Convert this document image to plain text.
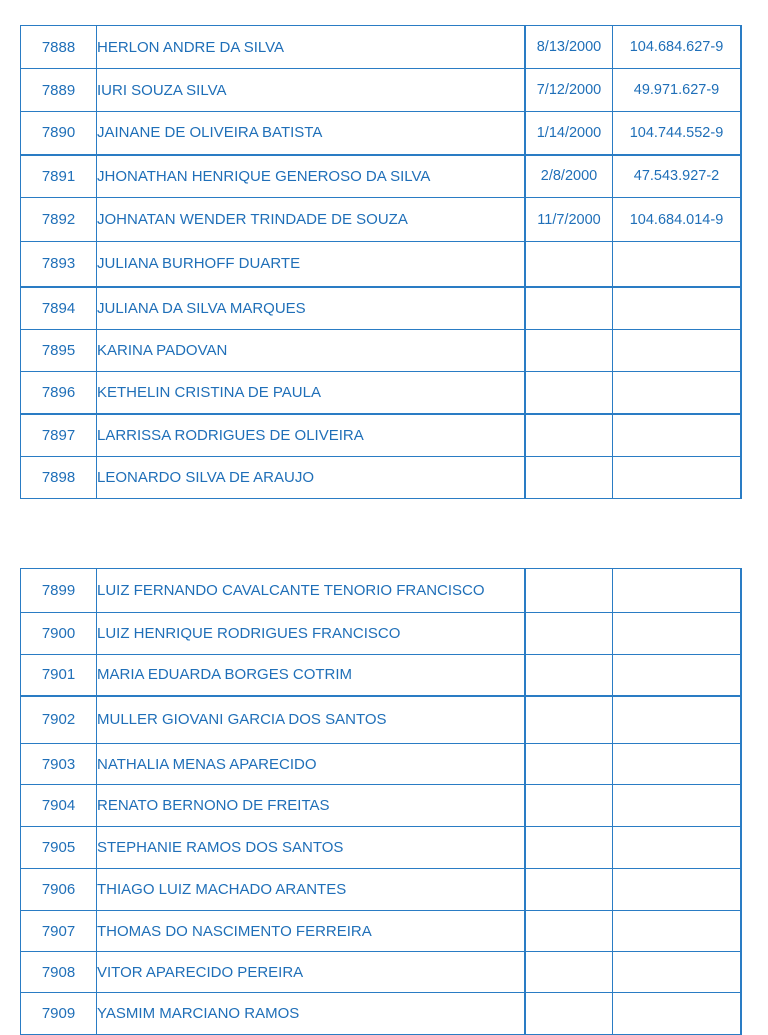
7888	HERLON ANDRE DA SILVA	8/13/2000	104.684.627-9
7889	IURI SOUZA SILVA	7/12/2000	49.971.627-9
7890	JAINANE DE OLIVEIRA BATISTA	1/14/2000	104.744.552-9
7891	JHONATHAN HENRIQUE GENEROSO DA SILVA	2/8/2000	47.543.927-2
7892	JOHNATAN WENDER TRINDADE DE SOUZA	11/7/2000	104.684.014-9
7893	JULIANA BURHOFF DUARTE		
7894	JULIANA DA SILVA MARQUES		
7895	KARINA PADOVAN		
7896	KETHELIN CRISTINA DE PAULA		
7897	LARRISSA RODRIGUES DE OLIVEIRA		
7898	LEONARDO SILVA DE ARAUJO		
7899	LUIZ FERNANDO CAVALCANTE TENORIO FRANCISCO		
7900	LUIZ HENRIQUE RODRIGUES FRANCISCO		
7901	MARIA EDUARDA BORGES COTRIM		
7902	MULLER GIOVANI GARCIA DOS SANTOS		
7903	NATHALIA MENAS APARECIDO		
7904	RENATO BERNONO DE FREITAS		
7905	STEPHANIE RAMOS DOS SANTOS		
7906	THIAGO LUIZ MACHADO ARANTES		
7907	THOMAS DO NASCIMENTO FERREIRA		
7908	VITOR APARECIDO PEREIRA		
7909	YASMIM MARCIANO RAMOS		
